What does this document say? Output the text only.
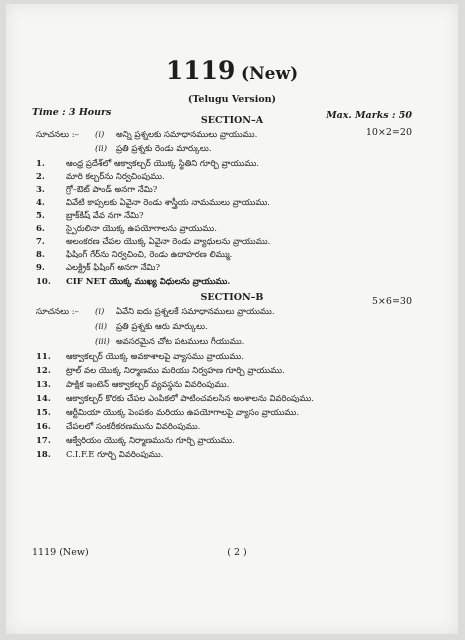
1119 (New)
(Telugu Version)
Time : 3 Hours	Max. Marks : 50
SECTION–A
10×2=20
సూచనలు :– (i) అన్ని ప్రశ్నలకు సమాధానములు వ్రాయుము.
(ii) ప్రతి ప్రశ్నకు రెండు మార్కులు.
1.	ఆంధ్ర ప్రదేశ్‌లో ఆక్వాకల్చర్ యొక్క స్థితిని గూర్చి వ్రాయుము.
2.	మారి కల్చర్‌ను నిర్వచింపుము.
3.	గ్రో–ఔట్ పాండ్ అనగా నేమి?
4.	వివేటి కాప్సలకు ఏవైనా రెండు శాస్త్రీయ నామములు వ్రాయుము.
5.	బ్రాక్‌కిష్ వేవ నగా నేమి?
6.	స్పైరులినా యొక్క ఉపయోగాలను వ్రాయుము.
7.	అలంకరణ చేపల యొక్క ఏవైనా రెండు వ్యాధులను వ్రాయుము.
8.	ఫిషింగ్ గేర్‌ను నిర్వచించి, రెండు ఉదాహరణ లిమ్ము.
9.	ఎలక్ట్రిక్ ఫిషింగ్ అనగా నేమి?
10.	CIF NET యొక్క ముఖ్య విధులను వ్రాయుము.
SECTION–B	5×6=30
సూచనలు :– (i) ఏవేని ఐదు ప్రశ్నలకే సమాధానములు వ్రాయుము.
(ii) ప్రతి ప్రశ్నకు ఆరు మార్కులు.
(iii) అవసరమైన చోట పటములు గీయుము.
11.	ఆక్వాకల్చర్ యొక్క అవకాశాలపై వ్యాసము వ్రాయుము.
12.	ట్రాల్ వల యొక్క నిర్మాణము మరియు నిర్వహణ గూర్చి వ్రాయుము.
13.	పాక్షిక ఇంటెన్ ఆక్వాకల్చర్ వ్యవస్థను వివరింపుము.
14.	ఆక్వాకల్చర్ కొరకు చేపల ఎంపికలో పాటించవలసిన అంశాలను వివరింపుము.
15.	ఆర్టీమియా యొక్క పెంపకం మరియు ఉపయోగాలపై వ్యాసం వ్రాయుము.
16.	చేపలలో సంకరీకరణమును వివరింపుము.
17.	ఆక్వేరియం యొక్క నిర్మాణమును గూర్చి వ్రాయుము.
18.	C.I.F.E గూర్చి వివరింపుము.
1119 (New)	( 2 )
